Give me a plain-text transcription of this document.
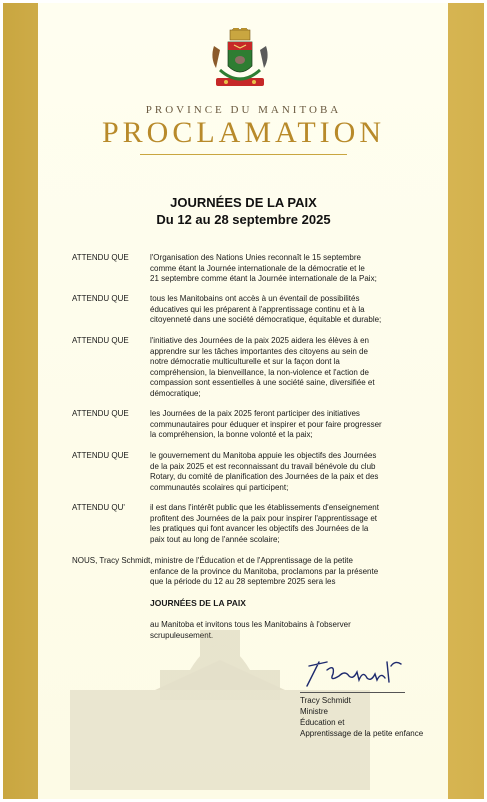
PROVINCE DU MANITOBA
PROCLAMATION
JOURNÉES DE LA PAIX
Du 12 au 28 septembre 2025
ATTENDU QUE	l'Organisation des Nations Unies reconnaît le 15 septembre
comme étant la Journée internationale de la démocratie et le
21 septembre comme étant la Journée internationale de la Paix;
ATTENDU QUE	tous les Manitobains ont accès à un éventail de possibilités
éducatives qui les préparent à l'apprentissage continu et à la
citoyenneté dans une société démocratique, équitable et durable;
ATTENDU QUE	l'initiative des Journées de la paix 2025 aidera les élèves à en
apprendre sur les tâches importantes des citoyens au sein de
notre démocratie multiculturelle et sur la façon dont la
compréhension, la bienveillance, la non-violence et l'action de
compassion sont essentielles à une société saine, diversifiée et
démocratique;
ATTENDU QUE	les Journées de la paix 2025 feront participer des initiatives
communautaires pour éduquer et inspirer et pour faire progresser
la compréhension, la bonne volonté et la paix;
ATTENDU QUE	le gouvernement du Manitoba appuie les objectifs des Journées
de la paix 2025 et est reconnaissant du travail bénévole du club
Rotary, du comité de planification des Journées de la paix et des
communautés scolaires qui participent;
ATTENDU QU'	il est dans l'intérêt public que les établissements d'enseignement
profitent des Journées de la paix pour inspirer l'apprentissage et
les pratiques qui font avancer les objectifs des Journées de la
paix tout au long de l'année scolaire;
NOUS, Tracy Schmidt, ministre de l'Éducation et de l'Apprentissage de la petite
enfance de la province du Manitoba, proclamons par la présente
que la période du 12 au 28 septembre 2025 sera les
JOURNÉES DE LA PAIX
au Manitoba et invitons tous les Manitobains à l'observer
scrupuleusement.
Tracy Schmidt
Ministre
Éducation et
Apprentissage de la petite enfance
